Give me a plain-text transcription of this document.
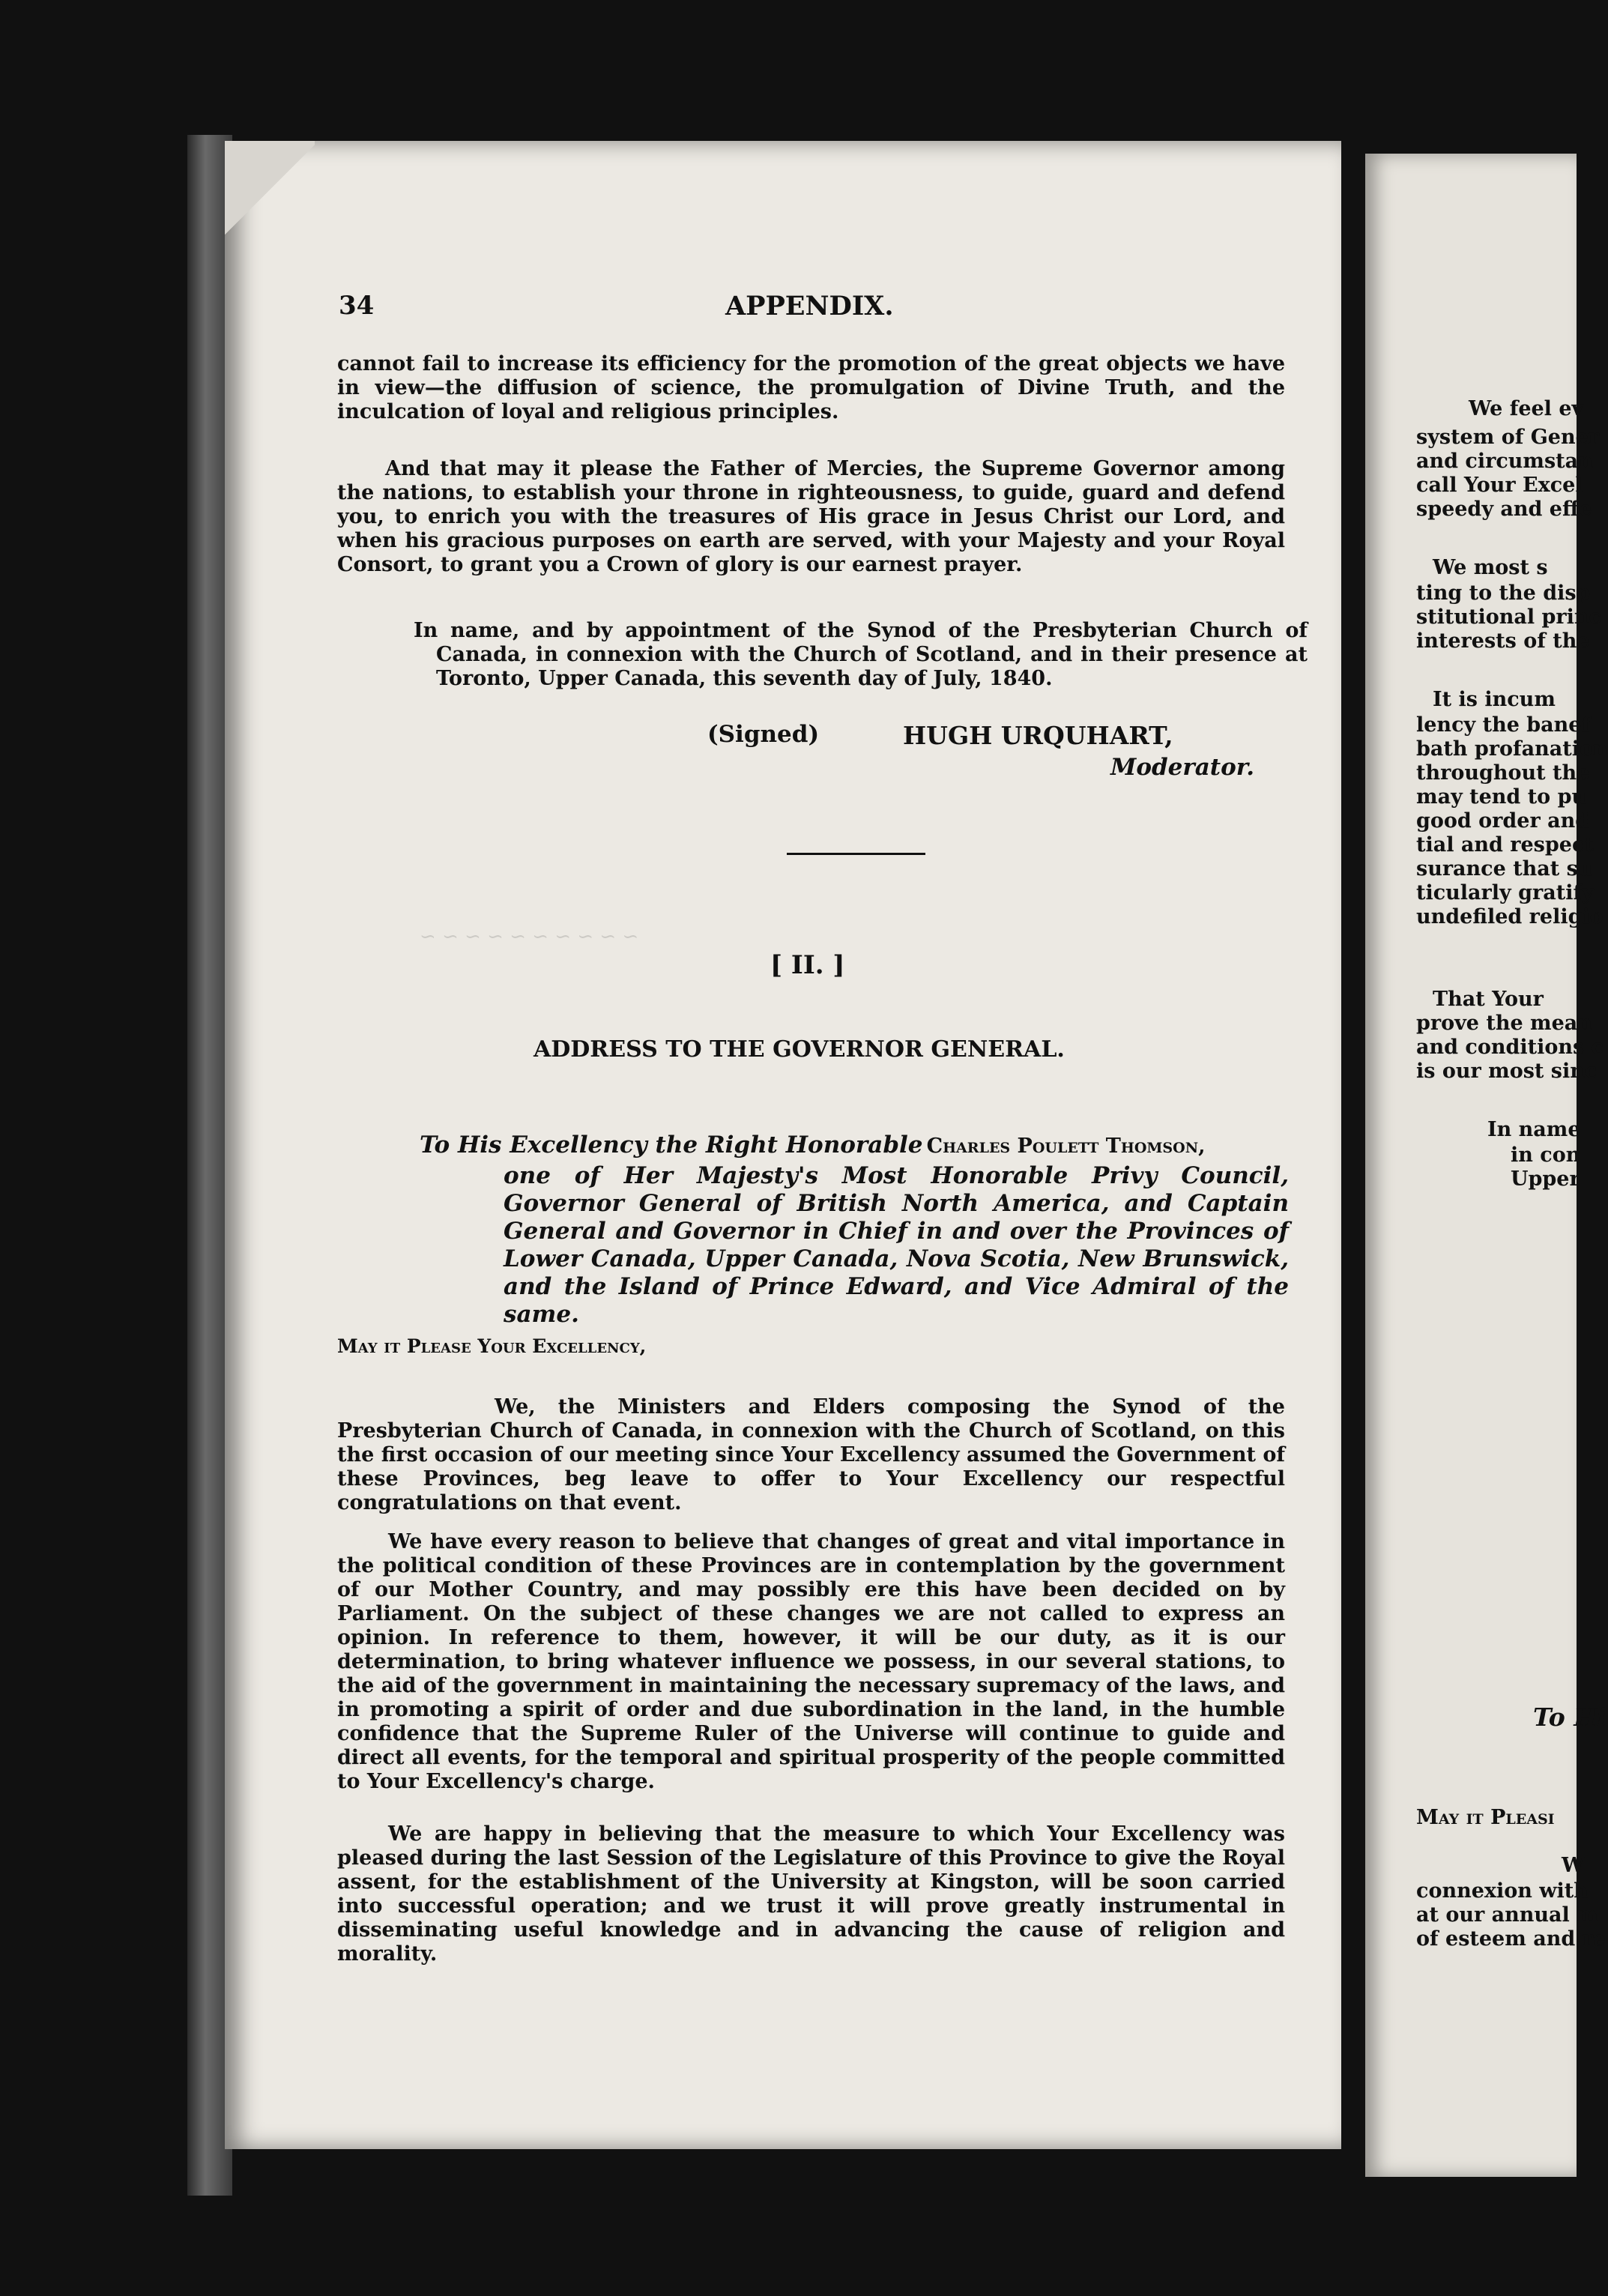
~ ~ ~ ~ ~ ~ ~ ~ ~ ~
34	APPENDIX.
cannot fail to increase its efficiency for the promotion of the great objects we have in view—the diffusion of science, the promulgation of Divine Truth, and the inculcation of loyal and religious principles.
And that may it please the Father of Mercies, the Supreme Governor among the nations, to establish your throne in righteousness, to guide, guard and defend you, to enrich you with the treasures of His grace in Jesus Christ our Lord, and when his gracious purposes on earth are served, with your Majesty and your Royal Consort, to grant you a Crown of glory is our earnest prayer.
In name, and by appointment of the Synod of the Presbyterian Church of Canada, in connexion with the Church of Scotland, and in their presence at Toronto, Upper Canada, this seventh day of July, 1840.
(Signed)	HUGH URQUHART,
Moderator.
[ II. ]
ADDRESS TO THE GOVERNOR GENERAL.
To His Excellency the Right Honorable Charles Poulett Thomson,
one of Her Majesty's Most Honorable Privy Council, Governor General of British North America, and Captain General and Governor in Chief in and over the Provinces of Lower Canada, Upper Canada, Nova Scotia, New Brunswick, and the Island of Prince Edward, and Vice Admiral of the same.
May it Please Your Excellency,
We, the Ministers and Elders composing the Synod of the Presbyterian Church of Canada, in connexion with the Church of Scotland, on this the first occasion of our meeting since Your Excellency assumed the Government of these Provinces, beg leave to offer to Your Excellency our respectful congratulations on that event.
We have every reason to believe that changes of great and vital importance in the political condition of these Provinces are in contemplation by the government of our Mother Country, and may possibly ere this have been decided on by Parliament. On the subject of these changes we are not called to express an opinion. In reference to them, however, it will be our duty, as it is our determination, to bring whatever influence we possess, in our several stations, to the aid of the government in maintaining the necessary supremacy of the laws, and in promoting a spirit of order and due subordination in the land, in the humble confidence that the Supreme Ruler of the Universe will continue to guide and direct all events, for the temporal and spiritual prosperity of the people committed to Your Excellency's charge.
We are happy in believing that the measure to which Your Excellency was pleased during the last Session of the Legislature of this Province to give the Royal assent, for the establishment of the University at Kingston, will be soon carried into successful operation; and we trust it will prove greatly instrumental in disseminating useful knowledge and in advancing the cause of religion and morality.
We feel ev
system of Gener
and circumstan
call Your Excel
speedy and effe
We most s
ting to the disp
stitutional princ
interests of the
It is incum
lency the banef
bath profanation
throughout the
may tend to pu
good order and
tial and respect
surance that su
ticularly gratify
undefiled religio
That Your
prove the mean
and conditions c
is our most sinc
In name
in con
Upper
To Hi
May it Pleasi
W
connexion with
at our annual m
of esteem and re
